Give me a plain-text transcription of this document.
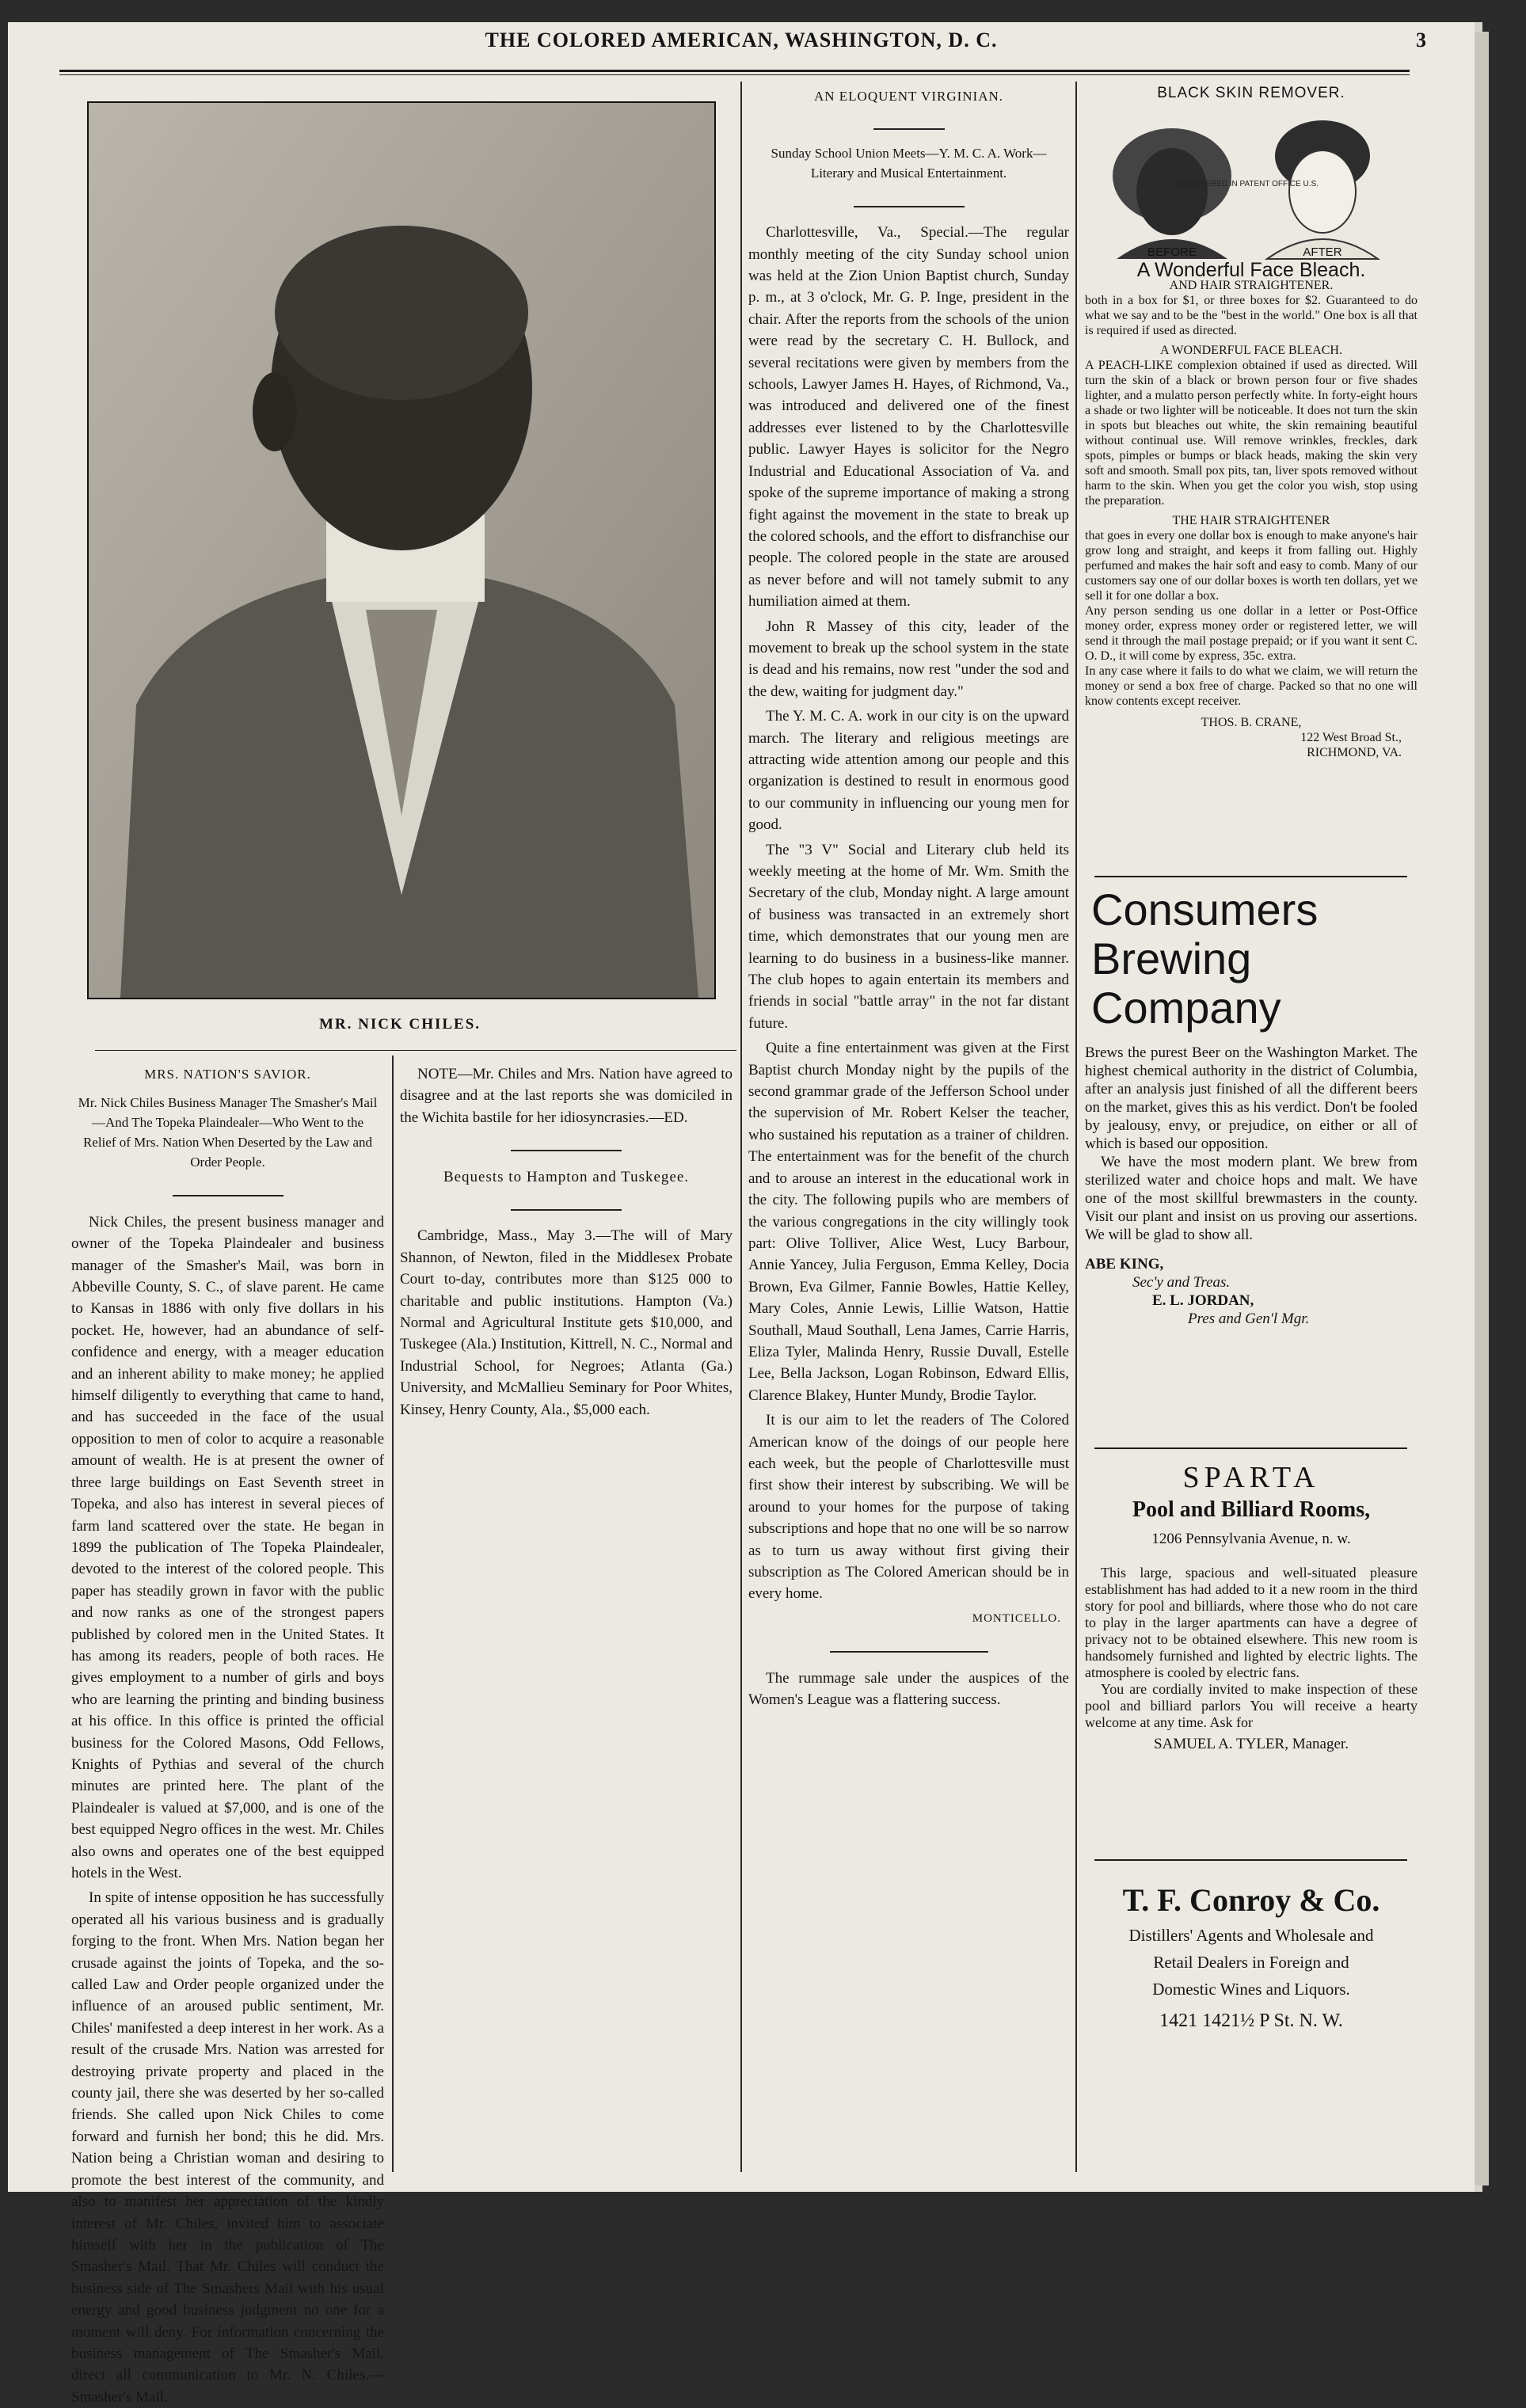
THE COLORED AMERICAN, WASHINGTON, D. C.	3
MR. NICK CHILES.
MRS. NATION'S SAVIOR.
Mr. Nick Chiles Business Manager The Smasher's Mail—And The Topeka Plaindealer—Who Went to the Relief of Mrs. Nation When Deserted by the Law and Order People.

Nick Chiles, the present business manager and owner of the Topeka Plaindealer and business manager of the Smasher's Mail, was born in Abbeville County, S. C., of slave parent. He came to Kansas in 1886 with only five dollars in his pocket. He, however, had an abundance of self-confidence and energy, with a meager education and an inherent ability to make money; he applied himself diligently to everything that came to hand, and has succeeded in the face of the usual opposition to men of color to acquire a reasonable amount of wealth. He is at present the owner of three large buildings on East Seventh street in Topeka, and also has interest in several pieces of farm land scattered over the state. He began in 1899 the publication of The Topeka Plaindealer, devoted to the interest of the colored people. This paper has steadily grown in favor with the public and now ranks as one of the strongest papers published by colored men in the United States. It has among its readers, people of both races. He gives employment to a number of girls and boys who are learning the printing and binding business at his office. In this office is printed the official business for the Colored Masons, Odd Fellows, Knights of Pythias and several of the church minutes are printed here. The plant of the Plaindealer is valued at $7,000, and is one of the best equipped Negro offices in the west. Mr. Chiles also owns and operates one of the best equipped hotels in the West.

In spite of intense opposition he has successfully operated all his various business and is gradually forging to the front. When Mrs. Nation began her crusade against the joints of Topeka, and the so-called Law and Order people organized under the influence of an aroused public sentiment, Mr. Chiles' manifested a deep interest in her work. As a result of the crusade Mrs. Nation was arrested for destroying private property and placed in the county jail, there she was deserted by her so-called friends. She called upon Nick Chiles to come forward and furnish her bond; this he did. Mrs. Nation being a Christian woman and desiring to promote the best interest of the community, and also to manifest her appreciation of the kindly interest of Mr. Chiles, invited him to associate himself with her in the publication of The Smasher's Mail. That Mr. Chiles will conduct the business side of The Smashers Mail with his usual energy and good business judgment no one for a moment will deny. For information concerning the business management of The Smasher's Mail, direct all communication to Mr. N. Chiles.—Smasher's Mail.

NOTE—Mr. Chiles and Mrs. Nation have agreed to disagree and at the last reports she was domiciled in the Wichita bastile for her idiosyncrasies.—ED.

Bequests to Hampton and Tuskegee.

Cambridge, Mass., May 3.—The will of Mary Shannon, of Newton, filed in the Middlesex Probate Court to-day, contributes more than $125 000 to charitable and public institutions. Hampton (Va.) Normal and Agricultural Institute gets $10,000, and Tuskegee (Ala.) Institution, Kittrell, N. C., Normal and Industrial School, for Negroes; Atlanta (Ga.) University, and McMallieu Seminary for Poor Whites, Kinsey, Henry County, Ala., $5,000 each.

AN ELOQUENT VIRGINIAN.
Sunday School Union Meets—Y. M. C. A. Work—Literary and Musical Entertainment.

Charlottesville, Va., Special.—The regular monthly meeting of the city Sunday school union was held at the Zion Union Baptist church, Sunday p. m., at 3 o'clock, Mr. G. P. Inge, president in the chair. After the reports from the schools of the union were read by the secretary C. H. Bullock, and several recitations were given by members from the schools, Lawyer James H. Hayes, of Richmond, Va., was introduced and delivered one of the finest addresses ever listened to by the Charlottesville public. Lawyer Hayes is solicitor for the Negro Industrial and Educational Association of Va. and spoke of the supreme importance of making a strong fight against the movement in the state to break up the colored schools, and the effort to disfranchise our people. The colored people in the state are aroused as never before and will not tamely submit to any humiliation aimed at them.

John R Massey of this city, leader of the movement to break up the school system in the state is dead and his remains, now rest "under the sod and the dew, waiting for judgment day."

The Y. M. C. A. work in our city is on the upward march. The literary and religious meetings are attracting wide attention among our people and this organization is destined to result in enormous good to our community in influencing our young men for good.

The "3 V" Social and Literary club held its weekly meeting at the home of Mr. Wm. Smith the Secretary of the club, Monday night. A large amount of business was transacted in an extremely short time, which demonstrates that our young men are learning to do business in a business-like manner. The club hopes to again entertain its members and friends in social "battle array" in the not far distant future.

Quite a fine entertainment was given at the First Baptist church Monday night by the pupils of the second grammar grade of the Jefferson School under the supervision of Mr. Robert Kelser the teacher, who sustained his reputation as a trainer of children. The entertainment was for the benefit of the church and to arouse an interest in the educational work in the city. The following pupils who are members of the various congregations in the city willingly took part: Olive Tolliver, Alice West, Lucy Barbour, Annie Yancey, Julia Ferguson, Emma Kelley, Docia Brown, Eva Gilmer, Fannie Bowles, Hattie Kelley, Mary Coles, Annie Lewis, Lillie Watson, Hattie Southall, Maud Southall, Lena James, Carrie Harris, Eliza Tyler, Malinda Henry, Russie Duvall, Estelle Lee, Bella Jackson, Logan Robinson, Edward Ellis, Clarence Blakey, Hunter Mundy, Brodie Taylor.

It is our aim to let the readers of The Colored American know of the doings of our people here each week, but the people of Charlottesville must first show their interest by subscribing. We will be around to your homes for the purpose of taking subscriptions and hope that no one will be so narrow as to turn us away without first giving their subscription as The Colored American should be in every home.

MONTICELLO.

The rummage sale under the auspices of the Women's League was a flattering success.

BLACK SKIN REMOVER.
REGISTERED IN PATENT OFFICE U.S.
BEFORE	AFTER
A Wonderful Face Bleach.
AND HAIR STRAIGHTENER.
both in a box for $1, or three boxes for $2. Guaranteed to do what we say and to be the "best in the world." One box is all that is required if used as directed.
A WONDERFUL FACE BLEACH.
A PEACH-LIKE complexion obtained if used as directed. Will turn the skin of a black or brown person four or five shades lighter, and a mulatto person perfectly white. In forty-eight hours a shade or two lighter will be noticeable. It does not turn the skin in spots but bleaches out white, the skin remaining beautiful without continual use. Will remove wrinkles, freckles, dark spots, pimples or bumps or black heads, making the skin very soft and smooth. Small pox pits, tan, liver spots removed without harm to the skin. When you get the color you wish, stop using the preparation.
THE HAIR STRAIGHTENER
that goes in every one dollar box is enough to make anyone's hair grow long and straight, and keeps it from falling out. Highly perfumed and makes the hair soft and easy to comb. Many of our customers say one of our dollar boxes is worth ten dollars, yet we sell it for one dollar a box.
Any person sending us one dollar in a letter or Post-Office money order, express money order or registered letter, we will send it through the mail postage prepaid; or if you want it sent C. O. D., it will come by express, 35c. extra.
In any case where it fails to do what we claim, we will return the money or send a box free of charge. Packed so that no one will know contents except receiver.
THOS. B. CRANE,
122 West Broad St.,
RICHMOND, VA.
Consumers
Brewing
Company
Brews the purest Beer on the Washington Market. The highest chemical authority in the district of Columbia, after an analysis just finished of all the different beers on the market, gives this as his verdict. Don't be fooled by jealousy, envy, or prejudice, on either or all of which is based our opposition.
We have the most modern plant. We brew from sterilized water and choice hops and malt. We have one of the most skillful brewmasters in the county. Visit our plant and insist on us proving our assertions. We will be glad to show all.
ABE KING,
Sec'y and Treas.
E. L. JORDAN,
Pres and Gen'l Mgr.
SPARTA
Pool and Billiard Rooms,
1206 Pennsylvania Avenue, n. w.
This large, spacious and well-situated pleasure establishment has had added to it a new room in the third story for pool and billiards, where those who do not care to play in the larger apartments can have a degree of privacy not to be obtained elsewhere. This new room is handsomely furnished and lighted by electric lights. The atmosphere is cooled by electric fans.
You are cordially invited to make inspection of these pool and billiard parlors You will receive a hearty welcome at any time. Ask for
SAMUEL A. TYLER, Manager.
T. F. Conroy & Co.
Distillers' Agents and Wholesale and
Retail Dealers in Foreign and
Domestic Wines and Liquors.
1421 1421½ P St. N. W.
